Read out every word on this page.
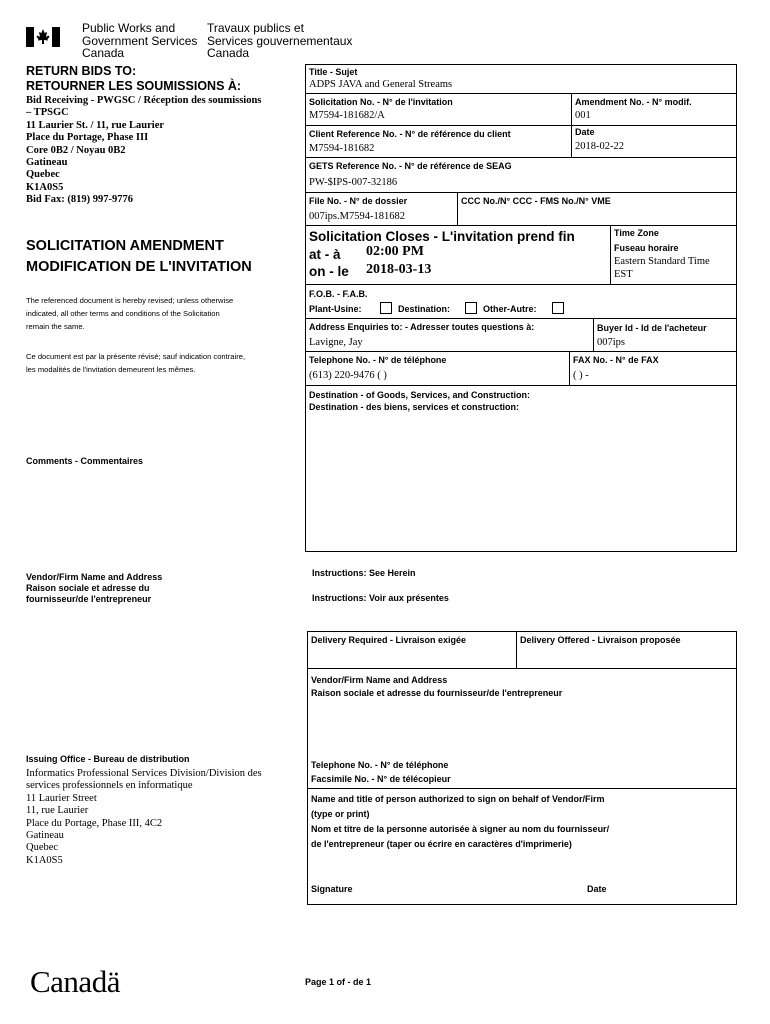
Public Works and
Government Services
Canada
Travaux publics et
Services gouvernementaux
Canada
RETURN BIDS TO:
RETOURNER LES SOUMISSIONS À:
Bid Receiving - PWGSC / Réception des soumissions
– TPSGC
11 Laurier St. / 11, rue Laurier
Place du Portage, Phase III
Core 0B2 / Noyau 0B2
Gatineau
Quebec
K1A0S5
Bid Fax: (819) 997-9776
SOLICITATION AMENDMENT
MODIFICATION DE L'INVITATION
The referenced document is hereby revised; unless otherwise
indicated, all other terms and conditions of the Solicitation
remain the same.
Ce document est par la présente révisé; sauf indication contraire,
les modalités de l'invitation demeurent les mêmes.
Comments - Commentaires
Vendor/Firm Name and Address
Raison sociale et adresse du
fournisseur/de l'entrepreneur
Issuing Office - Bureau de distribution
Informatics Professional Services Division/Division des
services professionnels en informatique
11 Laurier Street
11, rue Laurier
Place du Portage, Phase III, 4C2
Gatineau
Quebec
K1A0S5
Title - Sujet
ADPS JAVA and General Streams
Solicitation No. - N° de l'invitation
M7594-181682/A
Amendment No. - N° modif.
001
Client Reference No. - N° de référence du client
M7594-181682
Date
2018-02-22
GETS Reference No. - N° de référence de SEAG
PW-$IPS-007-32186
File No. - N° de dossier
007ips.M7594-181682
CCC No./N° CCC - FMS No./N° VME
Solicitation Closes - L'invitation prend fin
at - à 02:00 PM
on - le 2018-03-13
Time Zone
Fuseau horaire
Eastern Standard Time
EST
F.O.B. - F.A.B.
Plant-Usine:	Destination:	Other-Autre:
Address Enquiries to: - Adresser toutes questions à:
Lavigne, Jay
Buyer Id - Id de l'acheteur
007ips
Telephone No. - N° de téléphone
(613) 220-9476 ( )
FAX No. - N° de FAX
( ) -
Destination - of Goods, Services, and Construction:
Destination - des biens, services et construction:
Instructions: See Herein
Instructions: Voir aux présentes
Delivery Required - Livraison exigée	Delivery Offered - Livraison proposée
Vendor/Firm Name and Address
Raison sociale et adresse du fournisseur/de l'entrepreneur
Telephone No. - N° de téléphone
Facsimile No. - N° de télécopieur
Name and title of person authorized to sign on behalf of Vendor/Firm
(type or print)
Nom et titre de la personne autorisée à signer au nom du fournisseur/
de l'entrepreneur (taper ou écrire en caractères d'imprimerie)
Signature	Date
Canadä	Page 1 of - de 1
